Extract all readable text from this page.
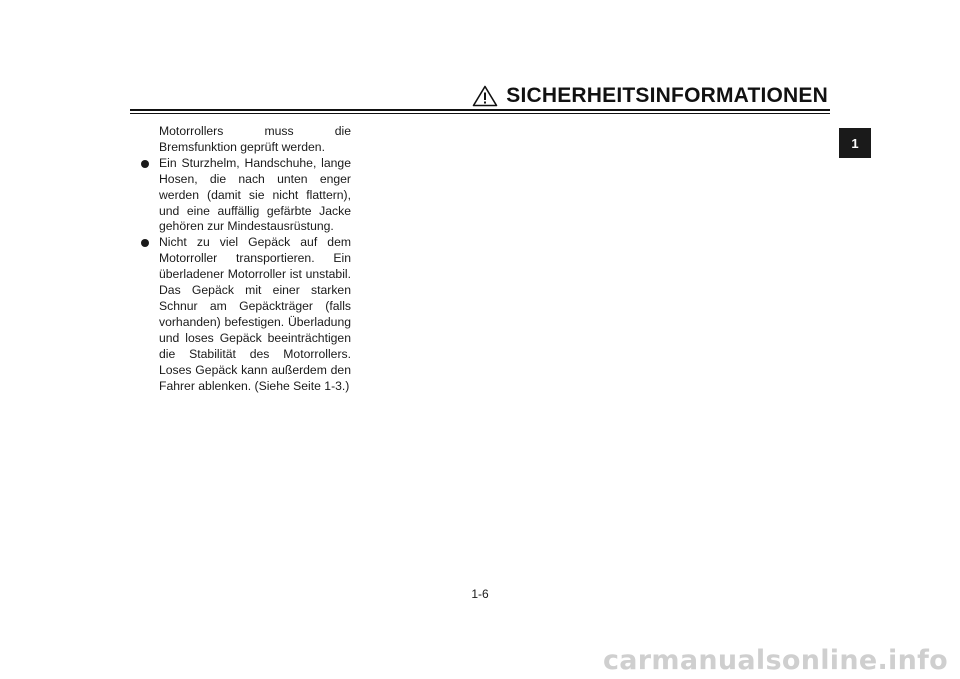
SICHERHEITSINFORMATIONEN
1

Motorrollers muss die Bremsfunktion geprüft werden.

Ein Sturzhelm, Handschuhe, lange Hosen, die nach unten enger werden (damit sie nicht flattern), und eine auffällig gefärbte Jacke gehören zur Mindestausrüstung.
Nicht zu viel Gepäck auf dem Motorroller transportieren. Ein überladener Motorroller ist unstabil. Das Gepäck mit einer starken Schnur am Gepäckträger (falls vorhanden) befestigen. Überladung und loses Gepäck beeinträchtigen die Stabilität des Motorrollers. Loses Gepäck kann außerdem den Fahrer ablenken. (Siehe Seite 1-3.)
1-6
carmanualsonline.info
